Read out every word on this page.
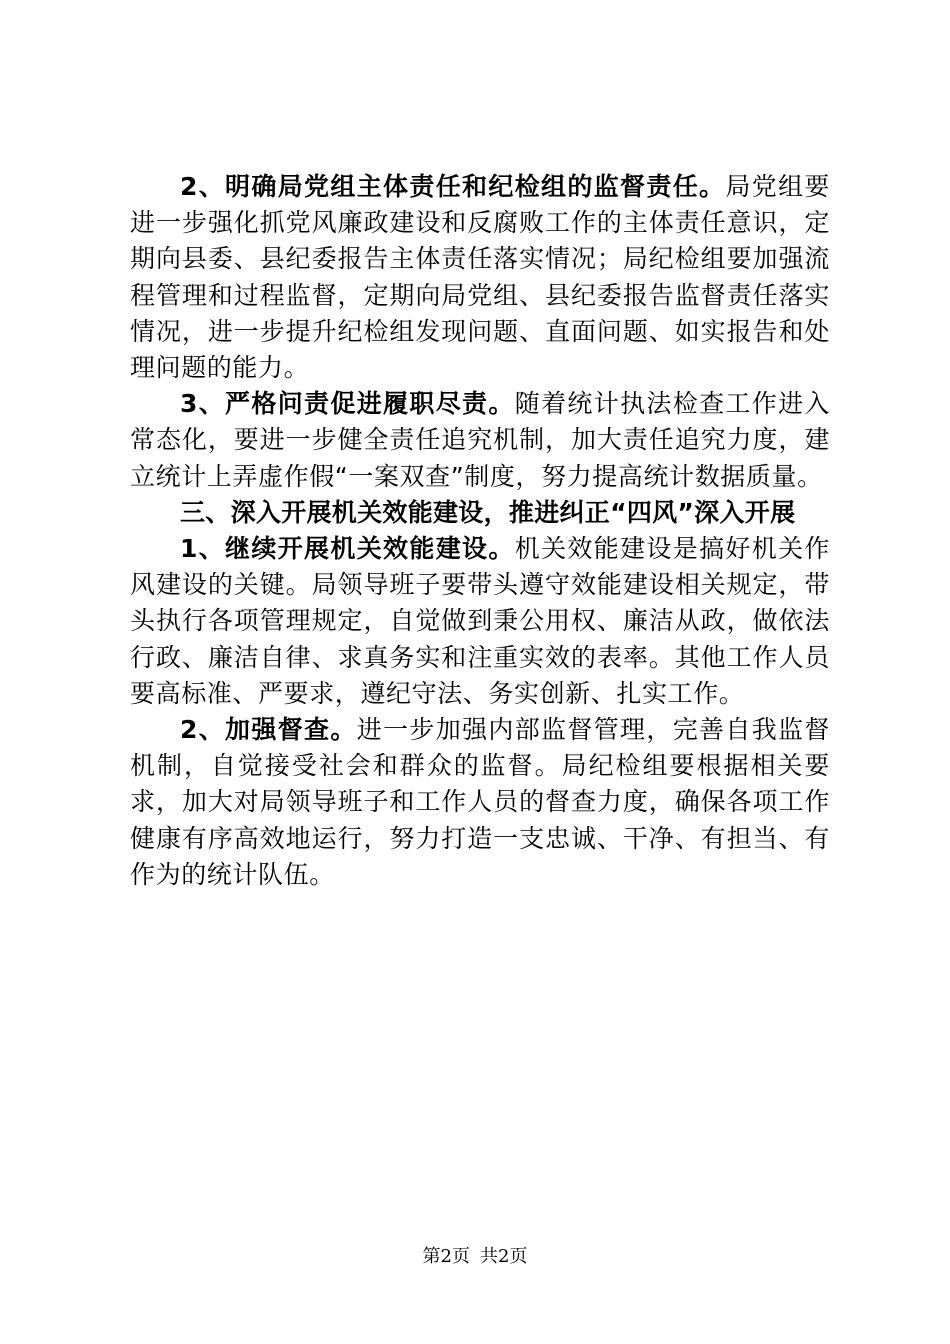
2、明确局党组主体责任和纪检组的监督责任。局党组要进一步强化抓党风廉政建设和反腐败工作的主体责任意识，定期向县委、县纪委报告主体责任落实情况；局纪检组要加强流程管理和过程监督，定期向局党组、县纪委报告监督责任落实情况，进一步提升纪检组发现问题、直面问题、如实报告和处理问题的能力。

3、严格问责促进履职尽责。随着统计执法检查工作进入常态化，要进一步健全责任追究机制，加大责任追究力度，建立统计上弄虚作假“一案双查”制度，努力提高统计数据质量。

三、深入开展机关效能建设，推进纠正“四风”深入开展

1、继续开展机关效能建设。机关效能建设是搞好机关作风建设的关键。局领导班子要带头遵守效能建设相关规定，带头执行各项管理规定，自觉做到秉公用权、廉洁从政，做依法行政、廉洁自律、求真务实和注重实效的表率。其他工作人员要高标准、严要求，遵纪守法、务实创新、扎实工作。

2、加强督查。进一步加强内部监督管理，完善自我监督机制，自觉接受社会和群众的监督。局纪检组要根据相关要求，加大对局领导班子和工作人员的督查力度，确保各项工作健康有序高效地运行，努力打造一支忠诚、干净、有担当、有作为的统计队伍。

第2页 共2页
